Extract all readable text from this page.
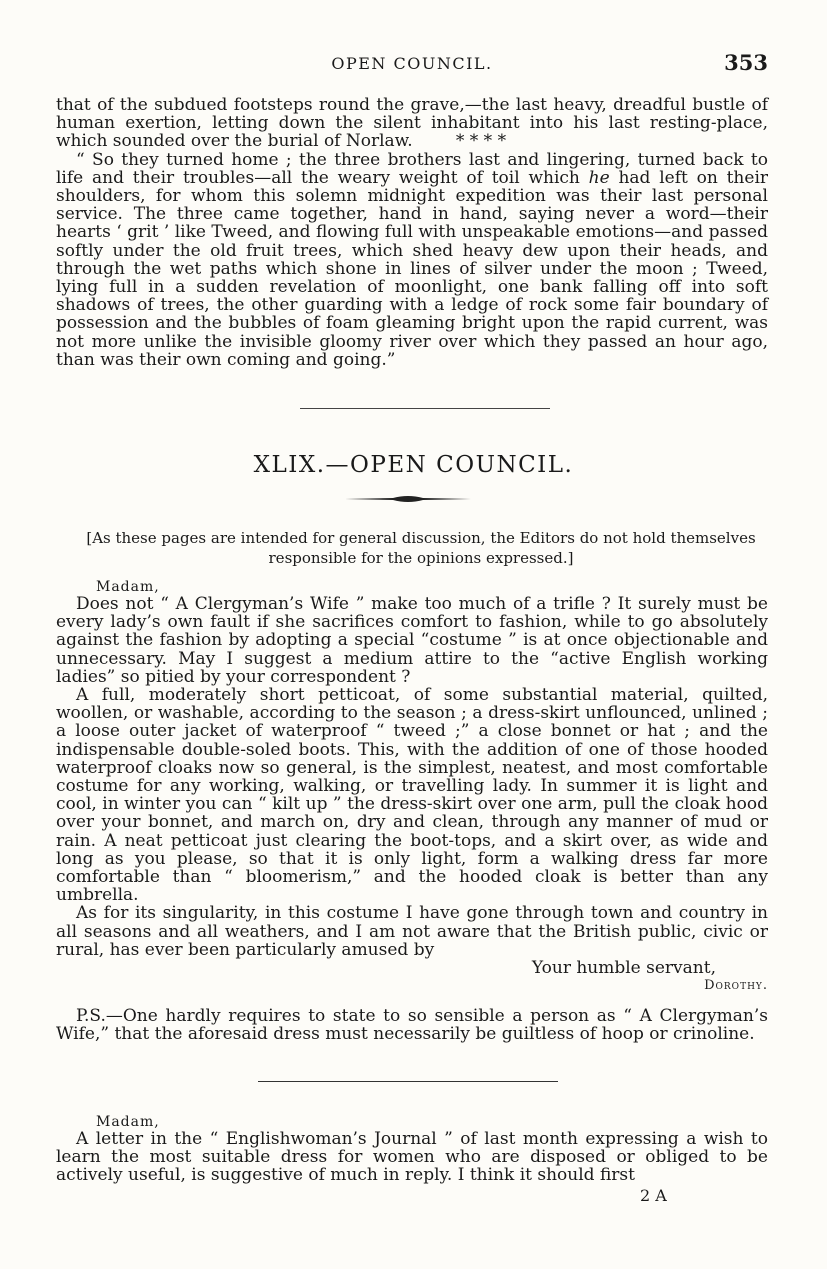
OPEN COUNCIL.	353

that of the subdued footsteps round the grave,—the last heavy, dreadful bustle of human exertion, letting down the silent inhabitant into his last resting-place, which sounded over the burial of Norlaw.	* * * *

“ So they turned home ; the three brothers last and lingering, turned back to life and their troubles—all the weary weight of toil which he had left on their shoulders, for whom this solemn midnight expedition was their last personal service. The three came together, hand in hand, saying never a word—their hearts ‘ grit ’ like Tweed, and flowing full with unspeakable emotions—and passed softly under the old fruit trees, which shed heavy dew upon their heads, and through the wet paths which shone in lines of silver under the moon ; Tweed, lying full in a sudden revelation of moonlight, one bank falling off into soft shadows of trees, the other guarding with a ledge of rock some fair boundary of possession and the bubbles of foam gleaming bright upon the rapid current, was not more unlike the invisible gloomy river over which they passed an hour ago, than was their own coming and going.”

XLIX.—OPEN COUNCIL.
[As these pages are intended for general discussion, the Editors do not hold themselves responsible for the opinions expressed.]
Madam,

Does not “ A Clergyman’s Wife ” make too much of a trifle ? It surely must be every lady’s own fault if she sacrifices comfort to fashion, while to go absolutely against the fashion by adopting a special “costume ” is at once objectionable and unnecessary. May I suggest a medium attire to the “active English working ladies” so pitied by your correspondent ?

A full, moderately short petticoat, of some substantial material, quilted, woollen, or washable, according to the season ; a dress-skirt unflounced, unlined ; a loose outer jacket of waterproof “ tweed ;” a close bonnet or hat ; and the indispensable double-soled boots. This, with the addition of one of those hooded waterproof cloaks now so general, is the simplest, neatest, and most comfortable costume for any working, walking, or travelling lady. In summer it is light and cool, in winter you can “ kilt up ” the dress-skirt over one arm, pull the cloak hood over your bonnet, and march on, dry and clean, through any manner of mud or rain. A neat petticoat just clearing the boot-tops, and a skirt over, as wide and long as you please, so that it is only light, form a walking dress far more comfortable than “ bloomerism,” and the hooded cloak is better than any umbrella.

As for its singularity, in this costume I have gone through town and country in all seasons and all weathers, and I am not aware that the British public, civic or rural, has ever been particularly amused by

Your humble servant,

Dorothy.

P.S.—One hardly requires to state to so sensible a person as “ A Clergyman’s Wife,” that the aforesaid dress must necessarily be guiltless of hoop or crinoline.

Madam,

A letter in the “ Englishwoman’s Journal ” of last month expressing a wish to learn the most suitable dress for women who are disposed or obliged to be actively useful, is suggestive of much in reply. I think it should first

2 A
